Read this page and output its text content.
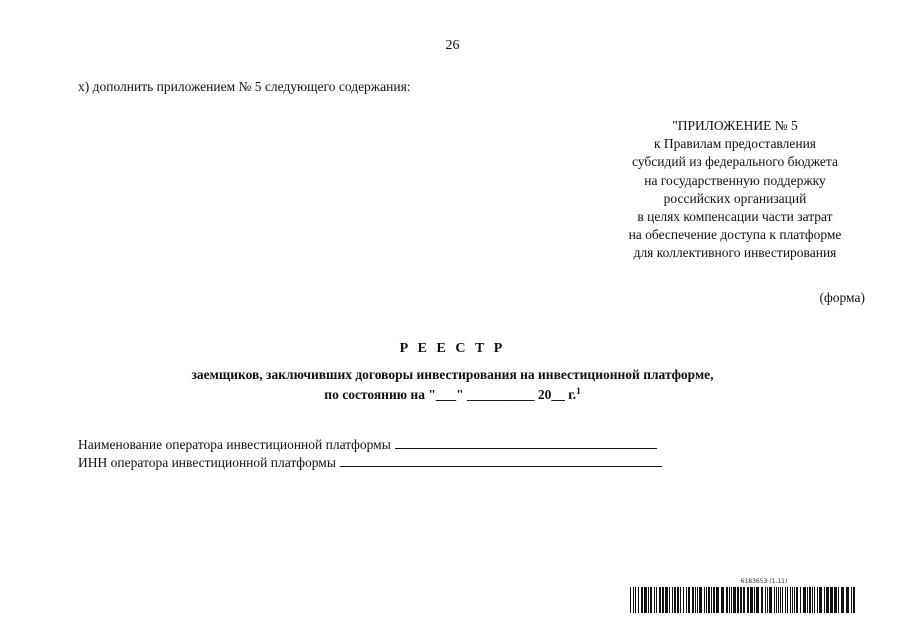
26
х) дополнить приложением № 5 следующего содержания:
"ПРИЛОЖЕНИЕ № 5
к Правилам предоставления
субсидий из федерального бюджета
на государственную поддержку
российских организаций
в целях компенсации части затрат
на обеспечение доступа к платформе
для коллективного инвестирования
(форма)
Р Е Е С Т Р
заемщиков, заключивших договоры инвестирования на инвестиционной платформе,
по состоянию на "___" __________ 20__ г.$^1$
Наименование оператора инвестиционной платформы
ИНН оператора инвестиционной платформы
6183653 (1.11)
